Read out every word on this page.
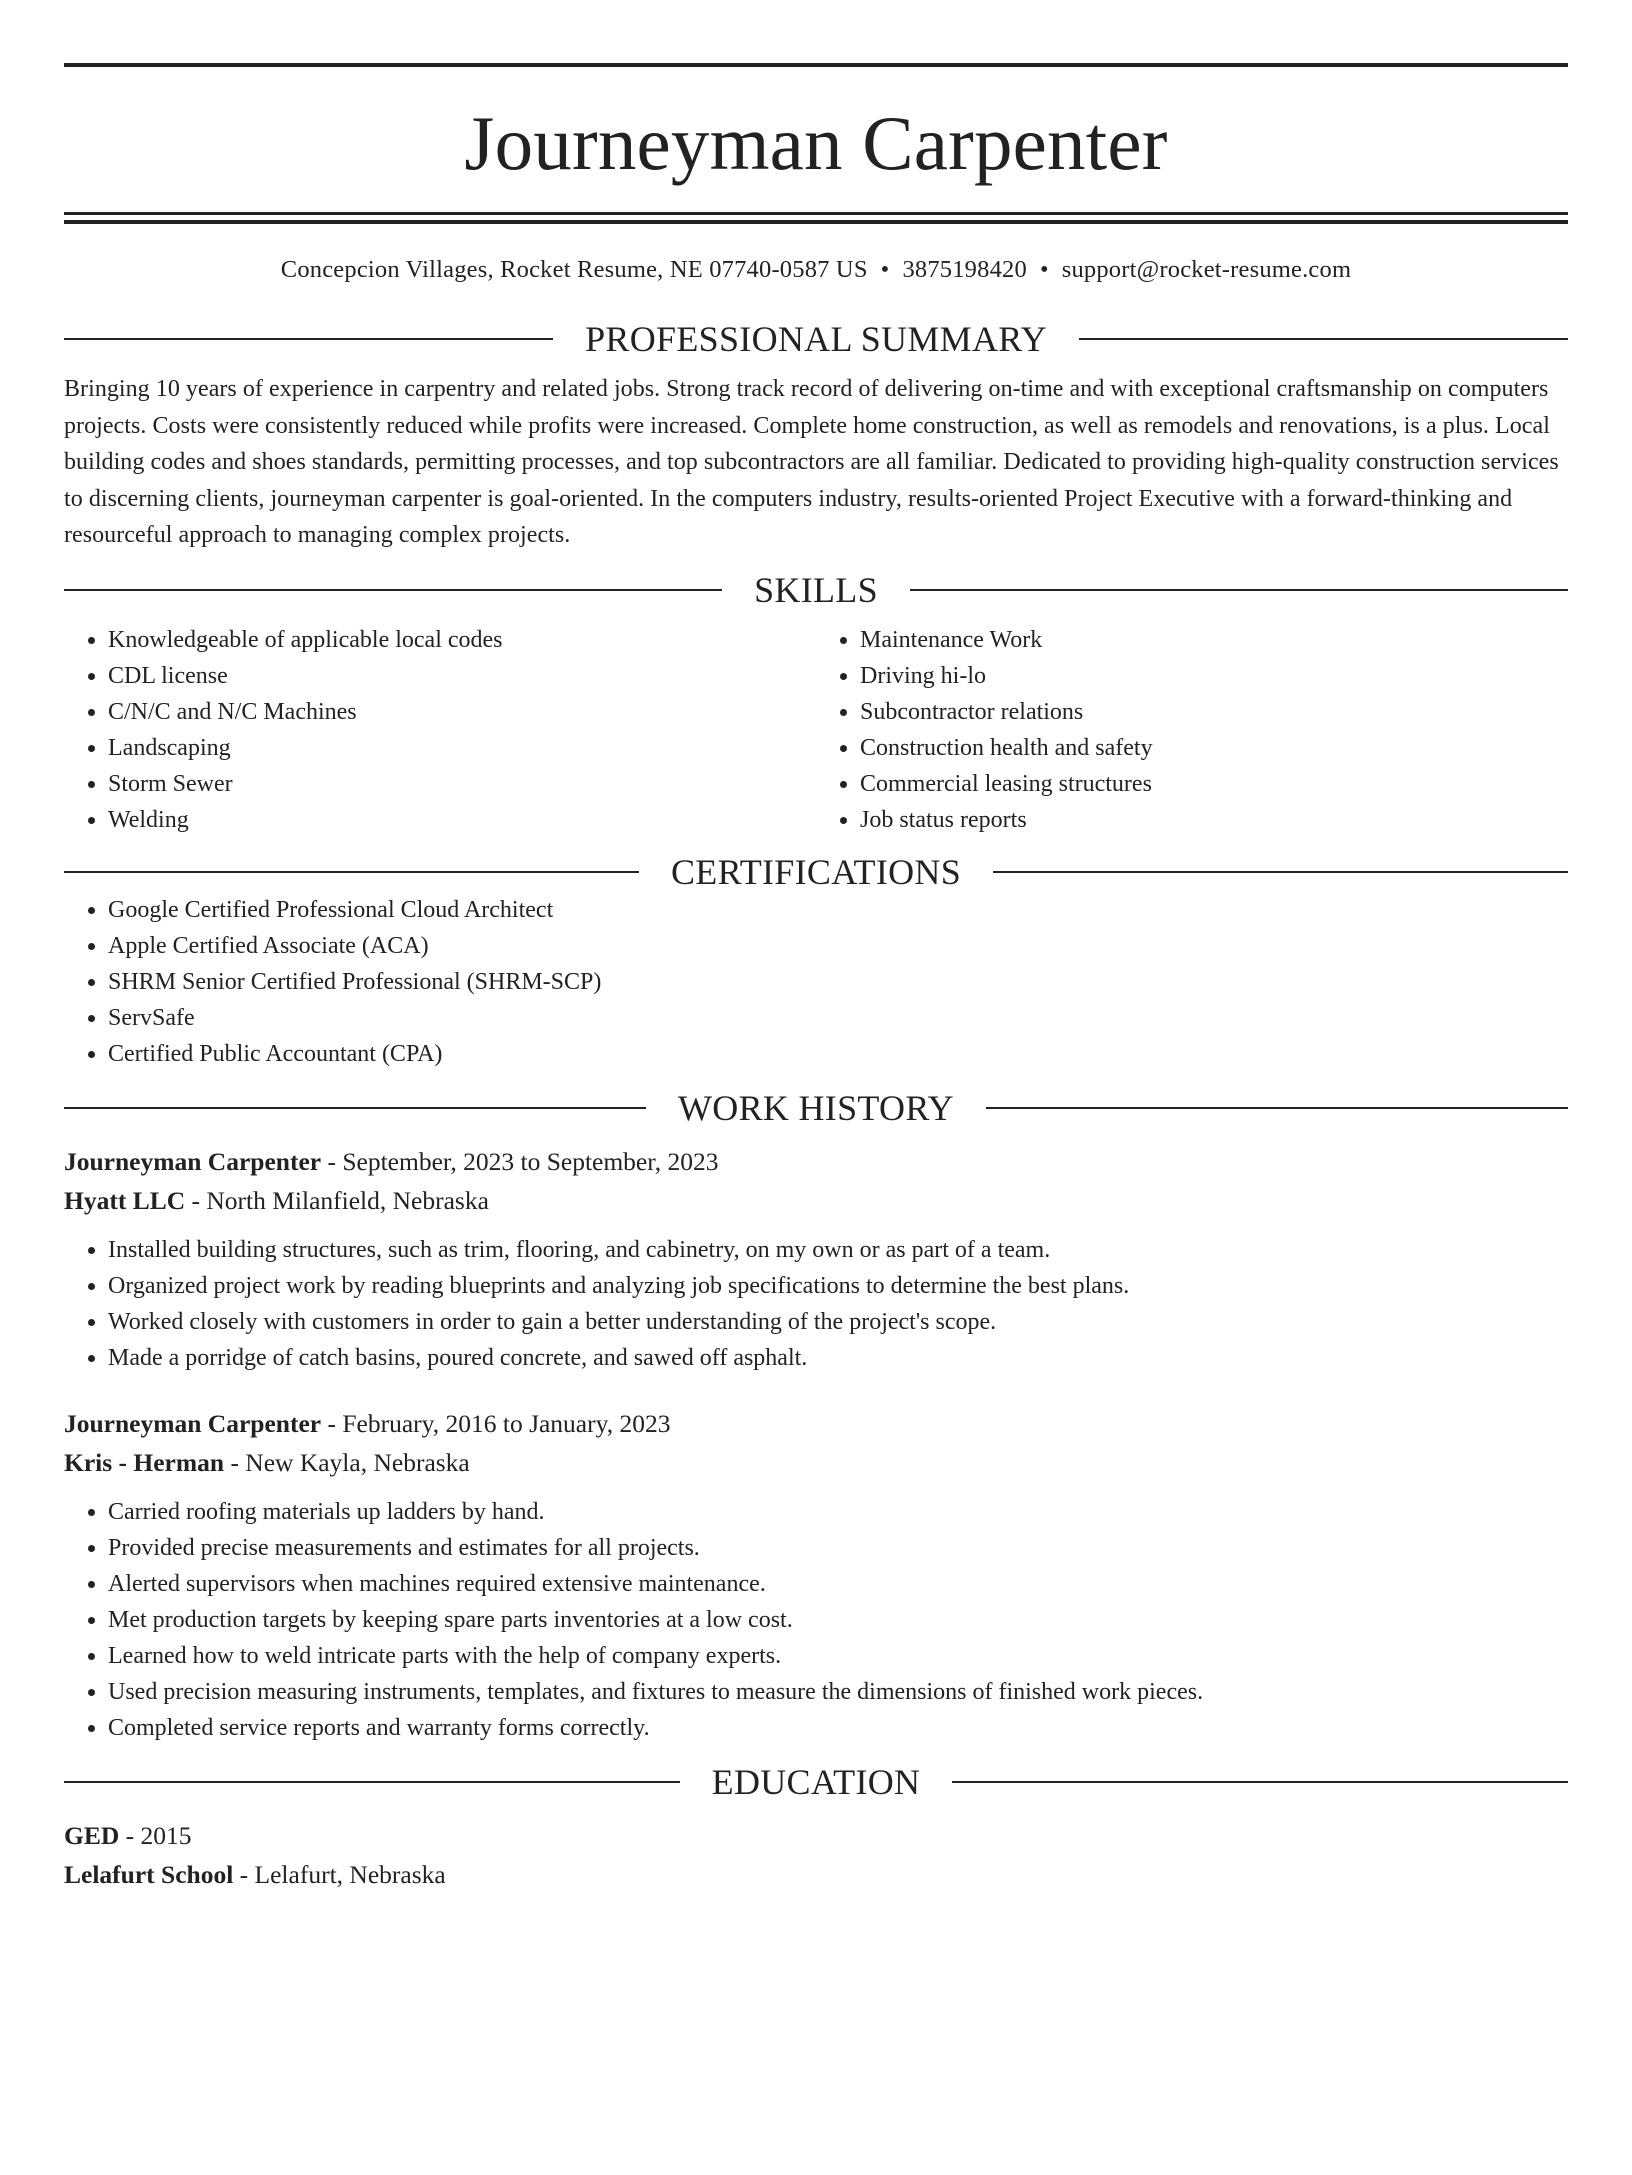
Journeyman Carpenter
Concepcion Villages, Rocket Resume, NE 07740-0587 US • 3875198420 • support@rocket-resume.com
PROFESSIONAL SUMMARY
Bringing 10 years of experience in carpentry and related jobs. Strong track record of delivering on-time and with exceptional craftsmanship on computers projects. Costs were consistently reduced while profits were increased. Complete home construction, as well as remodels and renovations, is a plus. Local building codes and shoes standards, permitting processes, and top subcontractors are all familiar. Dedicated to providing high-quality construction services to discerning clients, journeyman carpenter is goal-oriented. In the computers industry, results-oriented Project Executive with a forward-thinking and resourceful approach to managing complex projects.
SKILLS
• Knowledgeable of applicable local codes
• CDL license
• C/N/C and N/C Machines
• Landscaping
• Storm Sewer
• Welding
• Maintenance Work
• Driving hi-lo
• Subcontractor relations
• Construction health and safety
• Commercial leasing structures
• Job status reports
CERTIFICATIONS
• Google Certified Professional Cloud Architect
• Apple Certified Associate (ACA)
• SHRM Senior Certified Professional (SHRM-SCP)
• ServSafe
• Certified Public Accountant (CPA)
WORK HISTORY
Journeyman Carpenter - September, 2023 to September, 2023
Hyatt LLC - North Milanfield, Nebraska
• Installed building structures, such as trim, flooring, and cabinetry, on my own or as part of a team.
• Organized project work by reading blueprints and analyzing job specifications to determine the best plans.
• Worked closely with customers in order to gain a better understanding of the project's scope.
• Made a porridge of catch basins, poured concrete, and sawed off asphalt.
Journeyman Carpenter - February, 2016 to January, 2023
Kris - Herman - New Kayla, Nebraska
• Carried roofing materials up ladders by hand.
• Provided precise measurements and estimates for all projects.
• Alerted supervisors when machines required extensive maintenance.
• Met production targets by keeping spare parts inventories at a low cost.
• Learned how to weld intricate parts with the help of company experts.
• Used precision measuring instruments, templates, and fixtures to measure the dimensions of finished work pieces.
• Completed service reports and warranty forms correctly.
EDUCATION
GED - 2015
Lelafurt School - Lelafurt, Nebraska
